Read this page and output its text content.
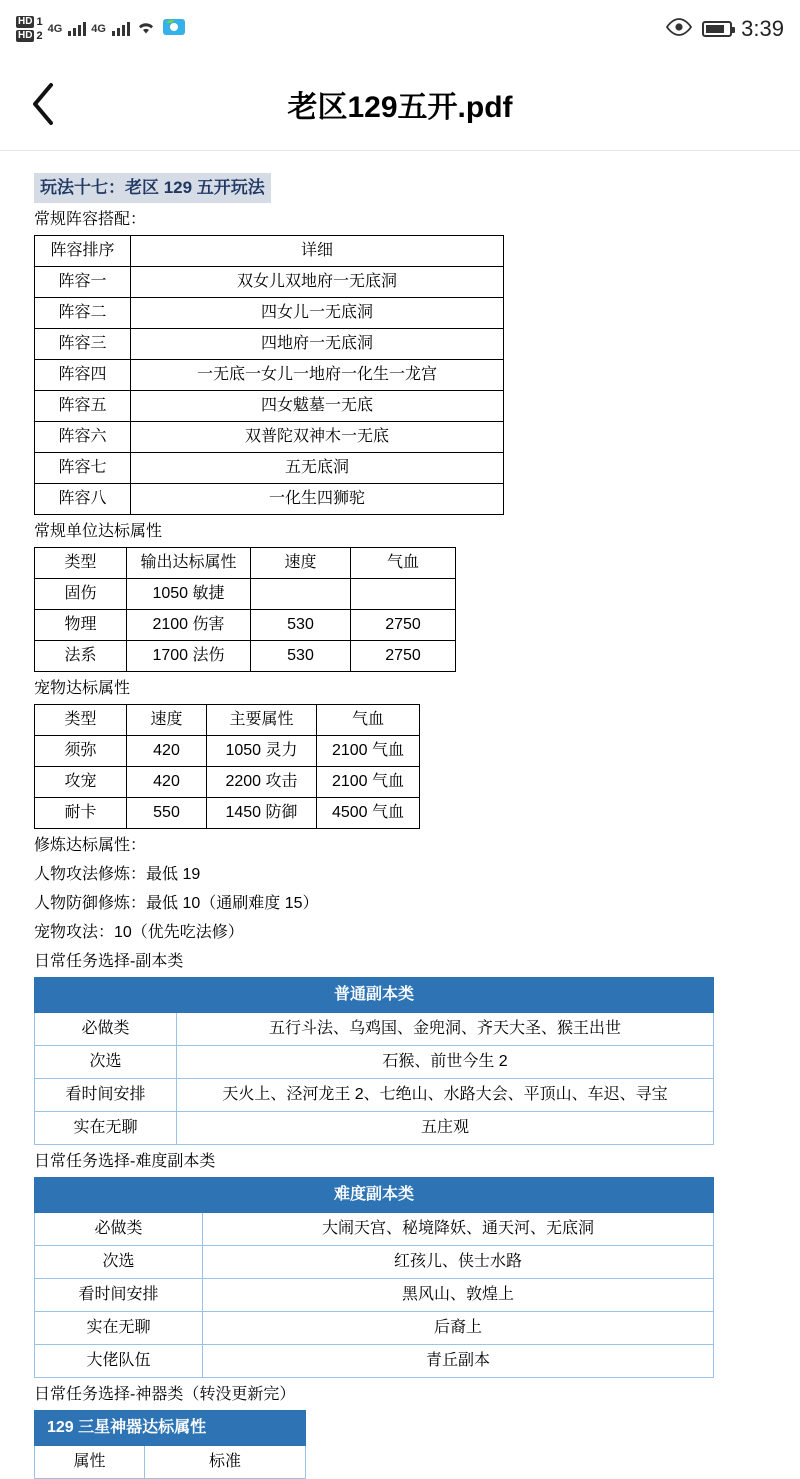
HD 1
HD 2
4G	4G	3:39
老区129五开.pdf
玩法十七：老区 129 五开玩法
常规阵容搭配：
阵容排序	详细
阵容一	双女儿双地府一无底洞
阵容二	四女儿一无底洞
阵容三	四地府一无底洞
阵容四	一无底一女儿一地府一化生一龙宫
阵容五	四女魃墓一无底
阵容六	双普陀双神木一无底
阵容七	五无底洞
阵容八	一化生四狮驼
常规单位达标属性
类型	输出达标属性	速度	气血
固伤	1050 敏捷		
物理	2100 伤害	530	2750
法系	1700 法伤	530	2750
宠物达标属性
类型	速度	主要属性	气血
须弥	420	1050 灵力	2100 气血
攻宠	420	2200 攻击	2100 气血
耐卡	550	1450 防御	4500 气血
修炼达标属性：
人物攻法修炼：最低 19
人物防御修炼：最低 10（通刷难度 15）
宠物攻法：10（优先吃法修）
日常任务选择-副本类
普通副本类	
必做类	五行斗法、乌鸡国、金兜洞、齐天大圣、猴王出世
次选	石猴、前世今生 2
看时间安排	天火上、泾河龙王 2、七绝山、水路大会、平顶山、车迟、寻宝
实在无聊	五庄观
日常任务选择-难度副本类
难度副本类	
必做类	大闹天宫、秘境降妖、通天河、无底洞
次选	红孩儿、侠士水路
看时间安排	黑风山、敦煌上
实在无聊	后裔上
大佬队伍	青丘副本
日常任务选择-神器类（转没更新完）
129 三星神器达标属性
属性	标准
